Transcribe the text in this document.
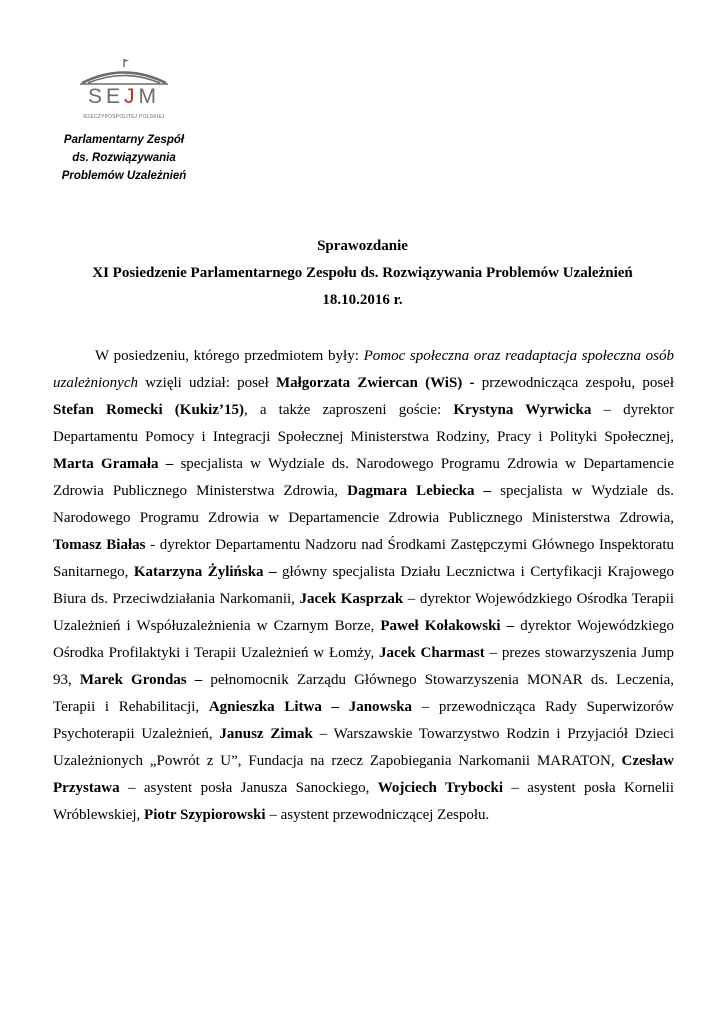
SEJM
RZECZYPOSPOLITEJ POLSKIEJ
Parlamentarny Zespół
ds. Rozwiązywania
Problemów Uzależnień
Sprawozdanie
XI Posiedzenie Parlamentarnego Zespołu ds. Rozwiązywania Problemów Uzależnień
18.10.2016 r.

W posiedzeniu, którego przedmiotem były: Pomoc społeczna oraz readaptacja społeczna osób uzależnionych wzięli udział: poseł Małgorzata Zwiercan (WiS) - przewodnicząca zespołu, poseł Stefan Romecki (Kukiz’15), a także zaproszeni goście: Krystyna Wyrwicka – dyrektor Departamentu Pomocy i Integracji Społecznej Ministerstwa Rodziny, Pracy i Polityki Społecznej, Marta Gramała – specjalista w Wydziale ds. Narodowego Programu Zdrowia w Departamencie Zdrowia Publicznego Ministerstwa Zdrowia, Dagmara Lebiecka – specjalista w Wydziale ds. Narodowego Programu Zdrowia w Departamencie Zdrowia Publicznego Ministerstwa Zdrowia, Tomasz Białas - dyrektor Departamentu Nadzoru nad Środkami Zastępczymi Głównego Inspektoratu Sanitarnego, Katarzyna Żylińska – główny specjalista Działu Lecznictwa i Certyfikacji Krajowego Biura ds. Przeciwdziałania Narkomanii, Jacek Kasprzak – dyrektor Wojewódzkiego Ośrodka Terapii Uzależnień i Współuzależnienia w Czarnym Borze, Paweł Kołakowski – dyrektor Wojewódzkiego Ośrodka Profilaktyki i Terapii Uzależnień w Łomży, Jacek Charmast – prezes stowarzyszenia Jump 93, Marek Grondas – pełnomocnik Zarządu Głównego Stowarzyszenia MONAR ds. Leczenia, Terapii i Rehabilitacji, Agnieszka Litwa – Janowska – przewodnicząca Rady Superwizorów Psychoterapii Uzależnień, Janusz Zimak – Warszawskie Towarzystwo Rodzin i Przyjaciół Dzieci Uzależnionych „Powrót z U”, Fundacja na rzecz Zapobiegania Narkomanii MARATON, Czesław Przystawa – asystent posła Janusza Sanockiego, Wojciech Trybocki – asystent posła Kornelii Wróblewskiej, Piotr Szypiorowski – asystent przewodniczącej Zespołu.
